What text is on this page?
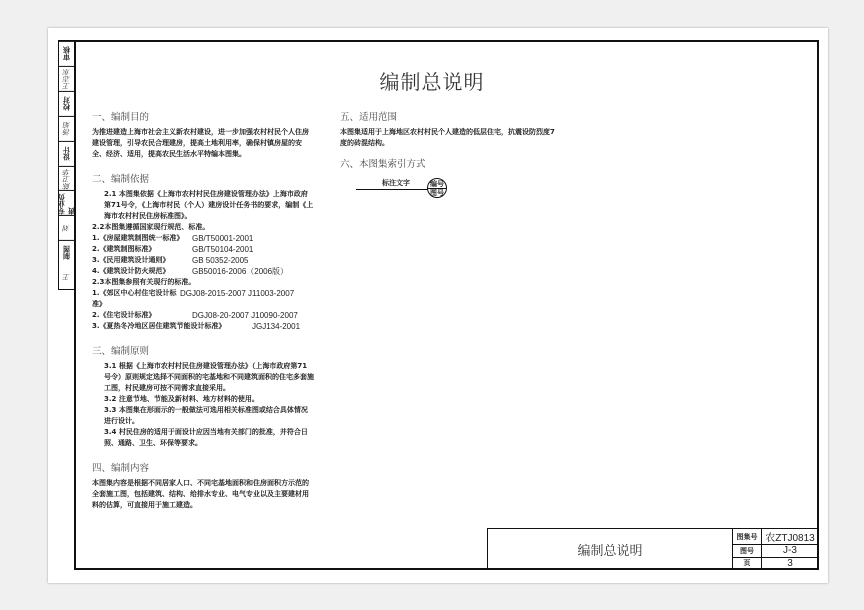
审核
王志东
校对
汤焰
设计
陈卫华
专业负责
刘
制图
王
编制总说明
一、编制目的

为推进建造上海市社会主义新农村建设，进一步加强农村村民个人住房建设管理，引导农民合理建房，提高土地利用率，确保村镇房屋的安全、经济、适用，提高农民生活水平特编本图集。

二、编制依据

2.1 本图集依据《上海市农村村民住房建设管理办法》上海市政府第71号令，《上海市村民（个人）建房设计任务书的要求，编制《上海市农村村民住房标准图》。

2.2本图集遵循国家现行规范、标准。

1.《房屋建筑制图统一标准》	GB/T50001-2001
2.《建筑制图标准》	GB/T50104-2001
3.《民用建筑设计通则》	GB 50352-2005
4.《建筑设计防火规范》	GB50016-2006（2006版）

2.3本图集参照有关现行的标准。

1.《郊区中心村住宅设计标准》
DGJ08-2015-2007 J11003-2007
2.《住宅设计标准》	DGJ08-20-2007 J10090-2007
3.《夏热冬冷地区居住建筑节能设计标准》	JGJ134-2001
三、编制原则

3.1 根据《上海市农村村民住房建设管理办法》（上海市政府第71号令）原则规定选择不同面积的宅基地和不同建筑面积的住宅多套施工图，村民建房可按不同需求直接采用。

3.2 注意节地、节能及新材料、地方材料的使用。

3.3 本图集在形面示的一般做法可选用相关标准图或结合具体情况进行设计。

3.4 村民住房的适用于面设计应因当地有关部门的批准，并符合日照、通路、卫生、环保等要求。

四、编制内容

本图集内容是根据不同居家人口、不同宅基地面积和住房面积方示范的全套施工图，包括建筑、结构、给排水专业、电气专业以及主要建材用料的估算，可直接用于施工建造。

五、适用范围

本图集适用于上海地区农村村民个人建造的低层住宅，抗震设防烈度7度的砖混结构。

六、本图集索引方式
标注文字	编号
图号
编制总说明
图集号 农ZTJ0813
图号	J-3
页	3
